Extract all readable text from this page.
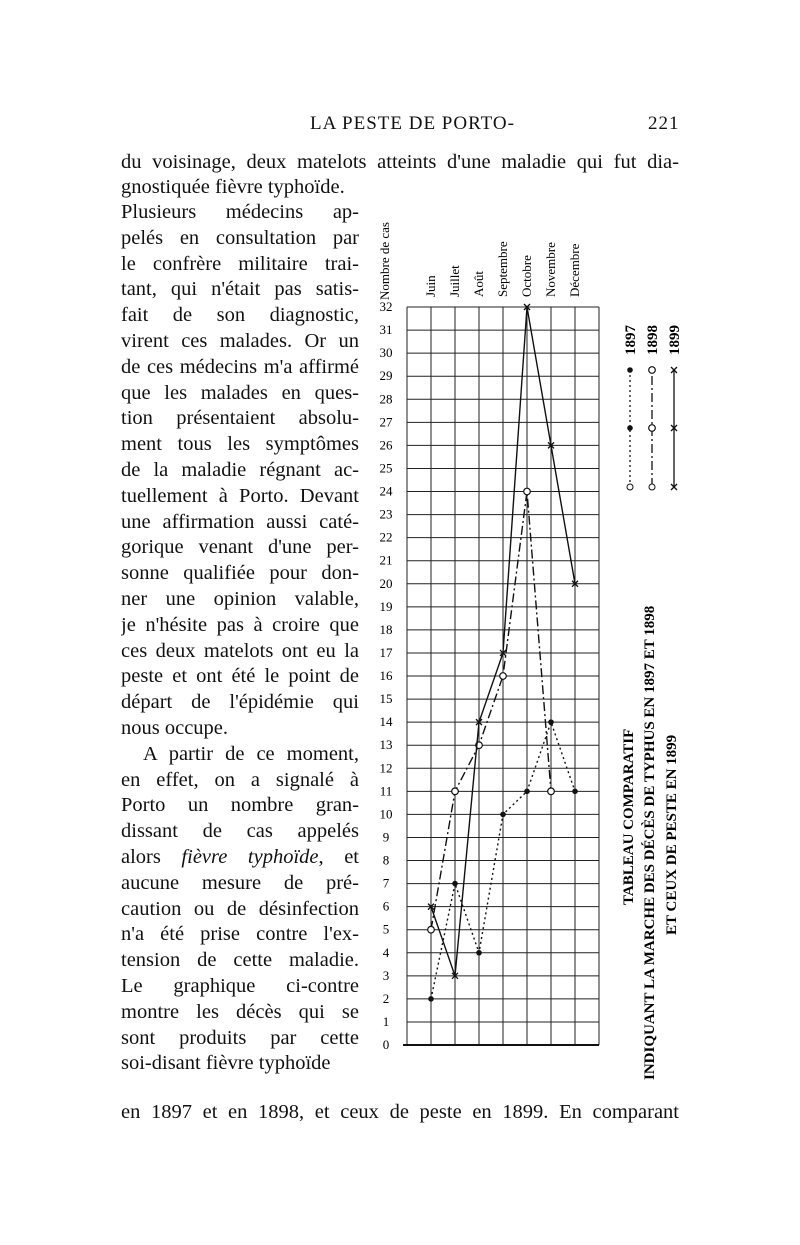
LA PESTE DE PORTO-	221
du voisinage, deux matelots atteints d'une maladie qui fut dia-
gnostiquée fièvre typhoïde.
Plusieurs médecins ap-
pelés en consultation par
le confrère militaire trai-
tant, qui n'était pas satis-
fait de son diagnostic,
virent ces malades. Or un
de ces médecins m'a affirmé
que les malades en ques-
tion présentaient absolu-
ment tous les symptômes
de la maladie régnant ac-
tuellement à Porto. Devant
une affirmation aussi caté-
gorique venant d'une per-
sonne qualifiée pour don-
ner une opinion valable,
je n'hésite pas à croire que
ces deux matelots ont eu la
peste et ont été le point de
départ de l'épidémie qui
nous occupe.
A partir de ce moment,
en effet, on a signalé à
Porto un nombre gran-
dissant de cas appelés
alors fièvre typhoïde, et
aucune mesure de pré-
caution ou de désinfection
n'a été prise contre l'ex-
tension de cette maladie.
Le graphique ci-contre
montre les décès qui se
sont produits par cette
soi-disant fièvre typhoïde
en 1897 et en 1898, et ceux de peste en 1899. En comparant
0
1
2
3
4
5
6
7
8
9
10
11
12
13
14
15
16
17
18
19
20
21
22
23
24
25
26
27
28
29
30
31
32
Nombre de cas Juin Juillet Août Septembre Octobre Novembre Décembre
1897 1898 1899
TABLEAU COMPARATIF INDIQUANT LA MARCHE DES DÉCÈS DE TYPHUS EN 1897 ET 1898 ET CEUX DE PESTE EN 1899
